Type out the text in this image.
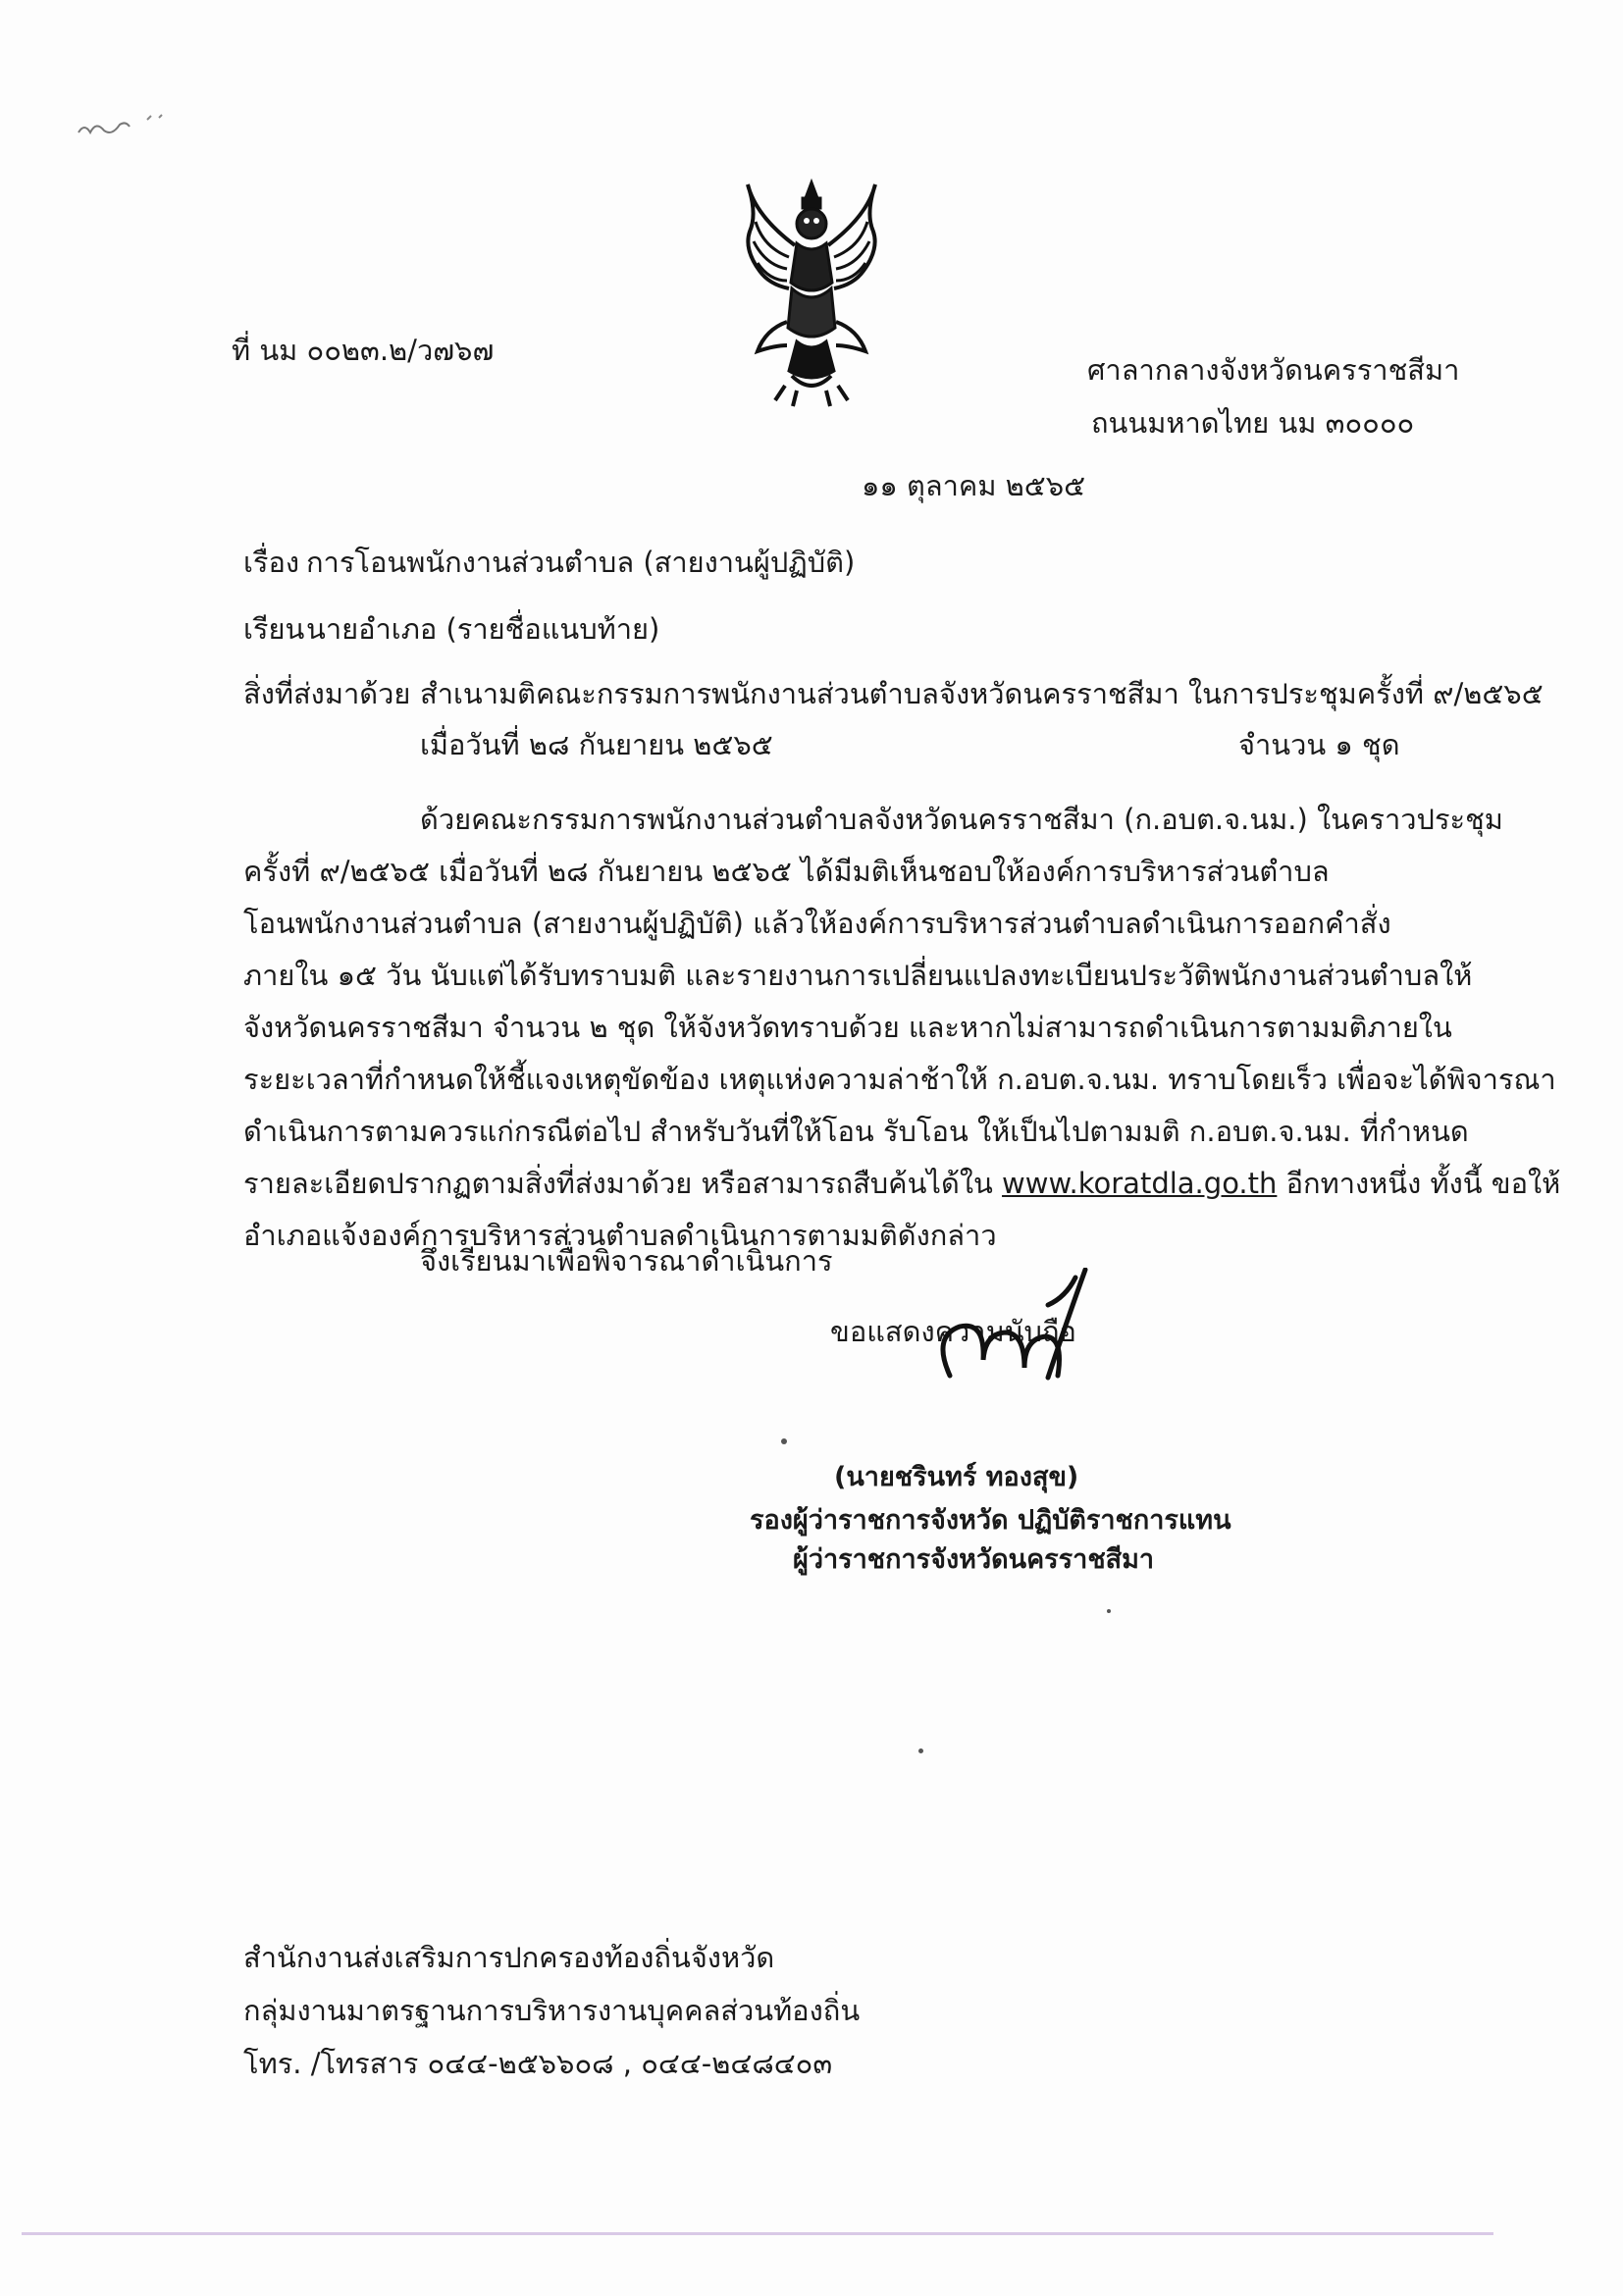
ที่ นม ๐๐๒๓.๒/ว๗๖๗
ศาลากลางจังหวัดนครราชสีมา
ถนนมหาดไทย นม ๓๐๐๐๐
๑๑ ตุลาคม ๒๕๖๕
เรื่อง การโอนพนักงานส่วนตำบล (สายงานผู้ปฏิบัติ)
เรียน นายอำเภอ (รายชื่อแนบท้าย)
สิ่งที่ส่งมาด้วย สำเนามติคณะกรรมการพนักงานส่วนตำบลจังหวัดนครราชสีมา ในการประชุมครั้งที่ ๙/๒๕๖๕
เมื่อวันที่ ๒๘ กันยายน ๒๕๖๕	จำนวน ๑ ชุด
ด้วยคณะกรรมการพนักงานส่วนตำบลจังหวัดนครราชสีมา (ก.อบต.จ.นม.) ในคราวประชุม
ครั้งที่ ๙/๒๕๖๕ เมื่อวันที่ ๒๘ กันยายน ๒๕๖๕ ได้มีมติเห็นชอบให้องค์การบริหารส่วนตำบล
โอนพนักงานส่วนตำบล (สายงานผู้ปฏิบัติ) แล้วให้องค์การบริหารส่วนตำบลดำเนินการออกคำสั่ง
ภายใน ๑๕ วัน นับแต่ได้รับทราบมติ และรายงานการเปลี่ยนแปลงทะเบียนประวัติพนักงานส่วนตำบลให้
จังหวัดนครราชสีมา จำนวน ๒ ชุด ให้จังหวัดทราบด้วย และหากไม่สามารถดำเนินการตามมติภายใน
ระยะเวลาที่กำหนดให้ชี้แจงเหตุขัดข้อง เหตุแห่งความล่าช้าให้ ก.อบต.จ.นม. ทราบโดยเร็ว เพื่อจะได้พิจารณา
ดำเนินการตามควรแก่กรณีต่อไป สำหรับวันที่ให้โอน รับโอน ให้เป็นไปตามมติ ก.อบต.จ.นม. ที่กำหนด
รายละเอียดปรากฏตามสิ่งที่ส่งมาด้วย หรือสามารถสืบค้นได้ใน www.koratdla.go.th อีกทางหนึ่ง ทั้งนี้ ขอให้
อำเภอแจ้งองค์การบริหารส่วนตำบลดำเนินการตามมติดังกล่าว
จึงเรียนมาเพื่อพิจารณาดำเนินการ
ขอแสดงความนับถือ
(นายชรินทร์ ทองสุข)
รองผู้ว่าราชการจังหวัด ปฏิบัติราชการแทน
ผู้ว่าราชการจังหวัดนครราชสีมา
สำนักงานส่งเสริมการปกครองท้องถิ่นจังหวัด
กลุ่มงานมาตรฐานการบริหารงานบุคคลส่วนท้องถิ่น
โทร. /โทรสาร ๐๔๔-๒๕๖๖๐๘ , ๐๔๔-๒๔๘๔๐๓
